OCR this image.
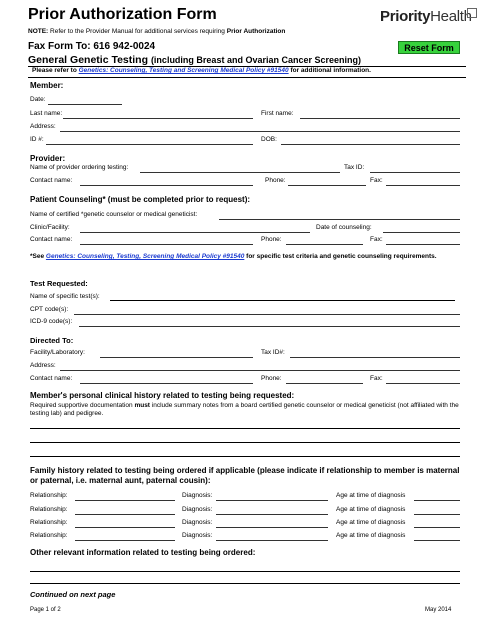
Prior Authorization Form
NOTE: Refer to the Provider Manual for additional services requiring Prior Authorization
PriorityHealth
Fax Form To: 616 942-0024	Reset Form
General Genetic Testing (including Breast and Ovarian Cancer Screening)
Please refer to Genetics: Counseling, Testing and Screening Medical Policy #91540 for additional information.
Member:
Date:
Last name:	First name:
Address:
ID #:	DOB:
Provider:
Name of provider ordering testing:	Tax ID:
Contact name:	Phone:	Fax:
Patient Counseling* (must be completed prior to request):
Name of certified *genetic counselor or medical geneticist:
Clinic/Facility:	Date of counseling:
Contact name:	Phone:	Fax:
*See Genetics: Counseling, Testing, Screening Medical Policy #91540 for specific test criteria and genetic counseling requirements.
Test Requested:
Name of specific test(s):
CPT code(s):
ICD-9 code(s):
Directed To:
Facility/Laboratory:	Tax ID#:
Address:
Contact name:	Phone:	Fax:
Member's personal clinical history related to testing being requested:
Required supportive documentation must include summary notes from a board certified genetic counselor or medical geneticist (not affiliated with the testing lab) and pedigree.
Family history related to testing being ordered if applicable (please indicate if relationship to member is maternal or paternal, i.e. maternal aunt, paternal cousin):
Relationship:	Diagnosis:	Age at time of diagnosis
Relationship:	Diagnosis:	Age at time of diagnosis
Relationship:	Diagnosis:	Age at time of diagnosis
Relationship:	Diagnosis:	Age at time of diagnosis
Other relevant information related to testing being ordered:
Continued on next page
Page 1 of 2	May 2014
